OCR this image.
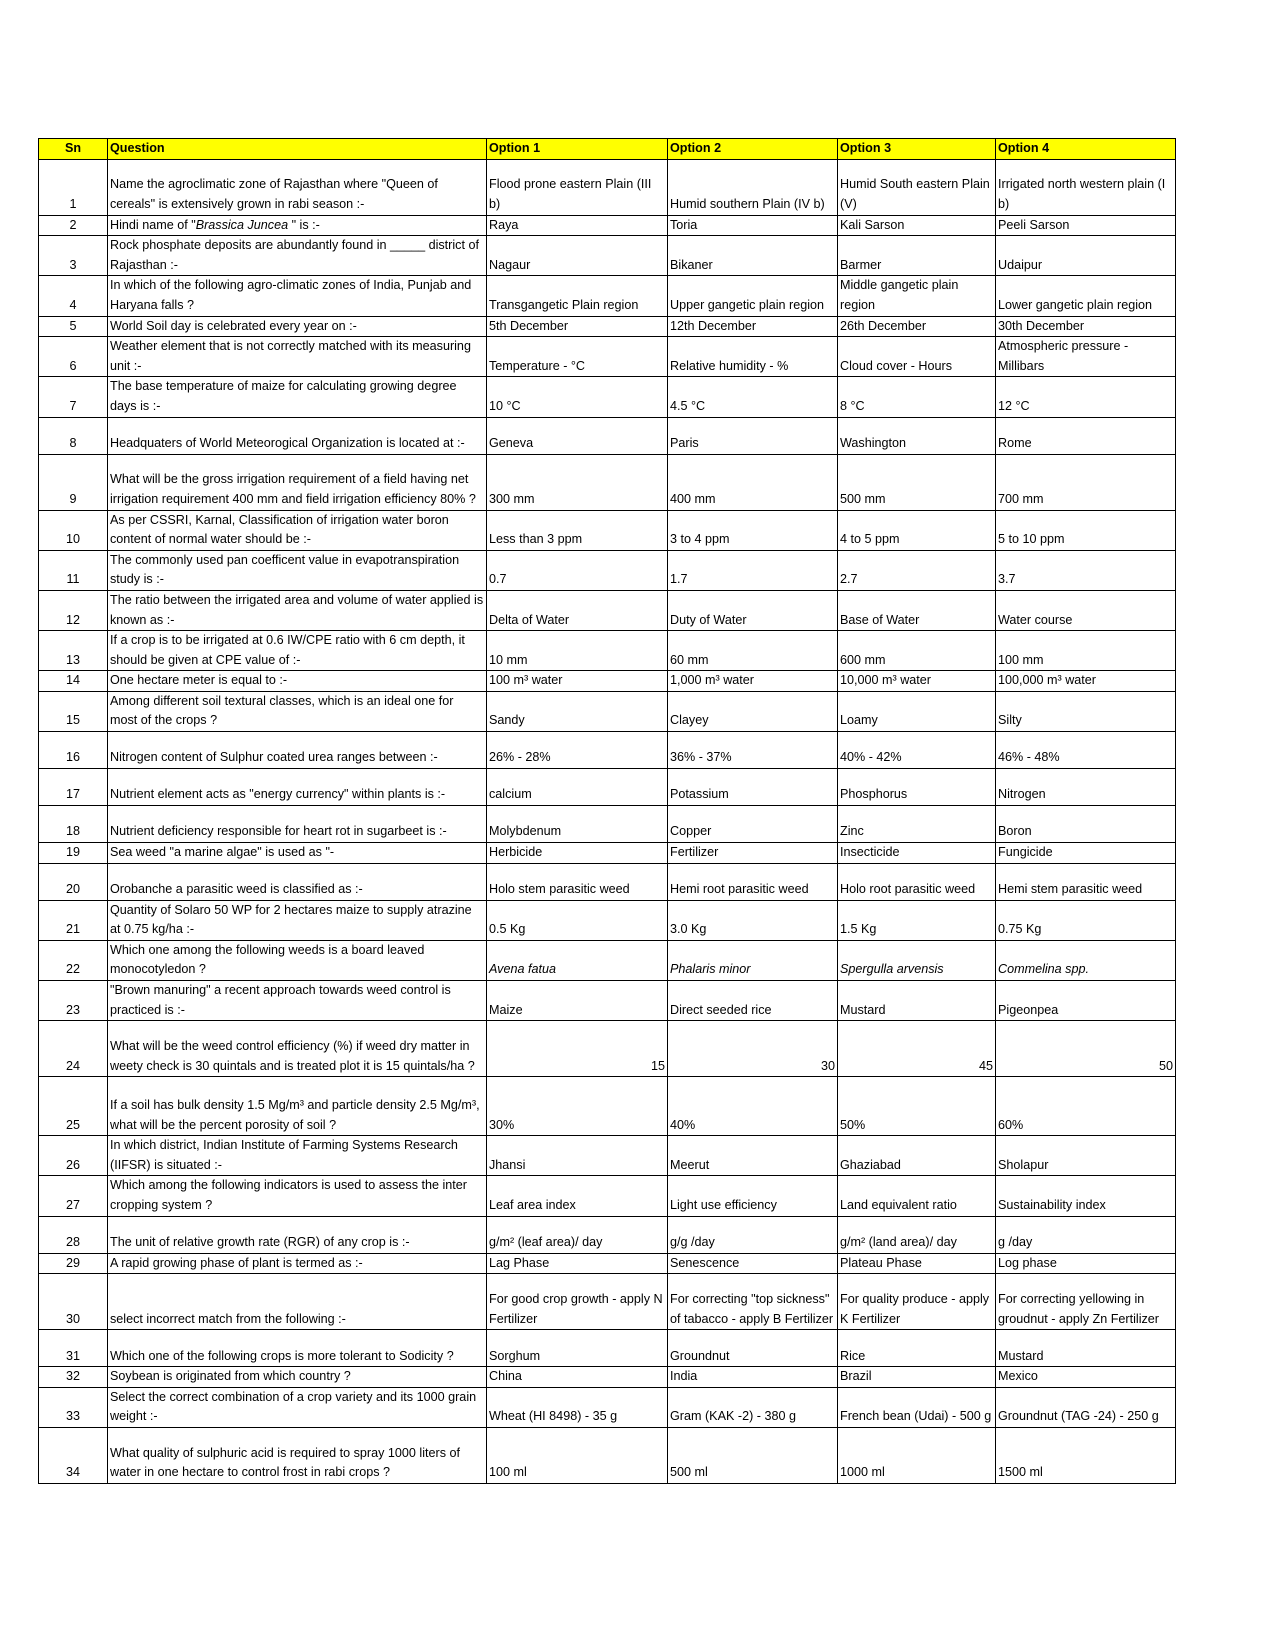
Sn	Question	Option 1	Option 2	Option 3	Option 4
1	Name the agroclimatic zone of Rajasthan where "Queen of cereals" is extensively grown in rabi season :-	Flood prone eastern Plain (III b)	Humid southern Plain (IV b)	Humid South eastern Plain (V)	Irrigated north western plain (I b)
2	Hindi name of "Brassica Juncea " is :-	Raya	Toria	Kali Sarson	Peeli Sarson
3	Rock phosphate deposits are abundantly found in _____ district of Rajasthan :-	Nagaur	Bikaner	Barmer	Udaipur
4	In which of the following agro-climatic zones of India, Punjab and Haryana falls ?	Transgangetic Plain region	Upper gangetic plain region	Middle gangetic plain region	Lower gangetic plain region
5	World Soil day is celebrated every year on :-	5th December	12th December	26th December	30th December
6	Weather element that is not correctly matched with its measuring unit :-	Temperature - °C	Relative humidity - %	Cloud cover - Hours	Atmospheric pressure - Millibars
7	The base temperature of maize for calculating growing degree days is :-	10 °C	4.5 °C	8 °C	12 °C
8	Headquaters of World Meteorogical Organization is located at :-	Geneva	Paris	Washington	Rome
9	What will be the gross irrigation requirement of a field having net irrigation requirement 400 mm and field irrigation efficiency 80% ?	300 mm	400 mm	500 mm	700 mm
10	As per CSSRI, Karnal, Classification of irrigation water boron content of normal water should be :-	Less than 3 ppm	3 to 4 ppm	4 to 5 ppm	5 to 10 ppm
11	The commonly used pan coefficent value in evapotranspiration study is :-	0.7	1.7	2.7	3.7
12	The ratio between the irrigated area and volume of water applied is known as :-	Delta of Water	Duty of Water	Base of Water	Water course
13	If a crop is to be irrigated at 0.6 IW/CPE ratio with 6 cm depth, it should be given at CPE value of :-	10 mm	60 mm	600 mm	100 mm
14	One hectare meter is equal to :-	100 m³ water	1,000 m³ water	10,000 m³ water	100,000 m³ water
15	Among different soil textural classes, which is an ideal one for most of the crops ?	Sandy	Clayey	Loamy	Silty
16	Nitrogen content of Sulphur coated urea ranges between :-	26% - 28%	36% - 37%	40% - 42%	46% - 48%
17	Nutrient element acts as "energy currency" within plants is :-	calcium	Potassium	Phosphorus	Nitrogen
18	Nutrient deficiency responsible for heart rot in sugarbeet is :-	Molybdenum	Copper	Zinc	Boron
19	Sea weed "a marine algae" is used as "-	Herbicide	Fertilizer	Insecticide	Fungicide
20	Orobanche a parasitic weed is classified as :-	Holo stem parasitic weed	Hemi root parasitic weed	Holo root parasitic weed	Hemi stem parasitic weed
21	Quantity of Solaro 50 WP for 2 hectares maize to supply atrazine at 0.75 kg/ha :-	0.5 Kg	3.0 Kg	1.5 Kg	0.75 Kg
22	Which one among the following weeds is a board leaved monocotyledon ?	Avena fatua	Phalaris minor	Spergulla arvensis	Commelina spp.
23	"Brown manuring" a recent approach towards weed control is practiced is :-	Maize	Direct seeded rice	Mustard	Pigeonpea
24	What will be the weed control efficiency (%) if weed dry matter in weety check is 30 quintals and is treated plot it is 15 quintals/ha ?	15	30	45	50
25	If a soil has bulk density 1.5 Mg/m³ and particle density 2.5 Mg/m³, what will be the percent porosity of soil ?	30%	40%	50%	60%
26	In which district, Indian Institute of Farming Systems Research (IIFSR) is situated :-	Jhansi	Meerut	Ghaziabad	Sholapur
27	Which among the following indicators is used to assess the inter cropping system ?	Leaf area index	Light use efficiency	Land equivalent ratio	Sustainability index
28	The unit of relative growth rate (RGR) of any crop is :-	g/m² (leaf area)/ day	g/g /day	g/m² (land area)/ day	g /day
29	A rapid growing phase of plant is termed as :-	Lag Phase	Senescence	Plateau Phase	Log phase
30	select incorrect match from the following :-	For good crop growth - apply N Fertilizer	For correcting "top sickness" of tabacco - apply B Fertilizer	For quality produce - apply K Fertilizer	For correcting yellowing in groudnut - apply Zn Fertilizer
31	Which one of the following crops is more tolerant to Sodicity ?	Sorghum	Groundnut	Rice	Mustard
32	Soybean is originated from which country ?	China	India	Brazil	Mexico
33	Select the correct combination of a crop variety and its 1000 grain weight :-	Wheat (HI 8498) - 35 g	Gram (KAK -2) - 380 g	French bean (Udai) - 500 g	Groundnut (TAG -24) - 250 g
34	What quality of sulphuric acid is required to spray 1000 liters of water in one hectare to control frost in rabi crops ?	100 ml	500 ml	1000 ml	1500 ml
